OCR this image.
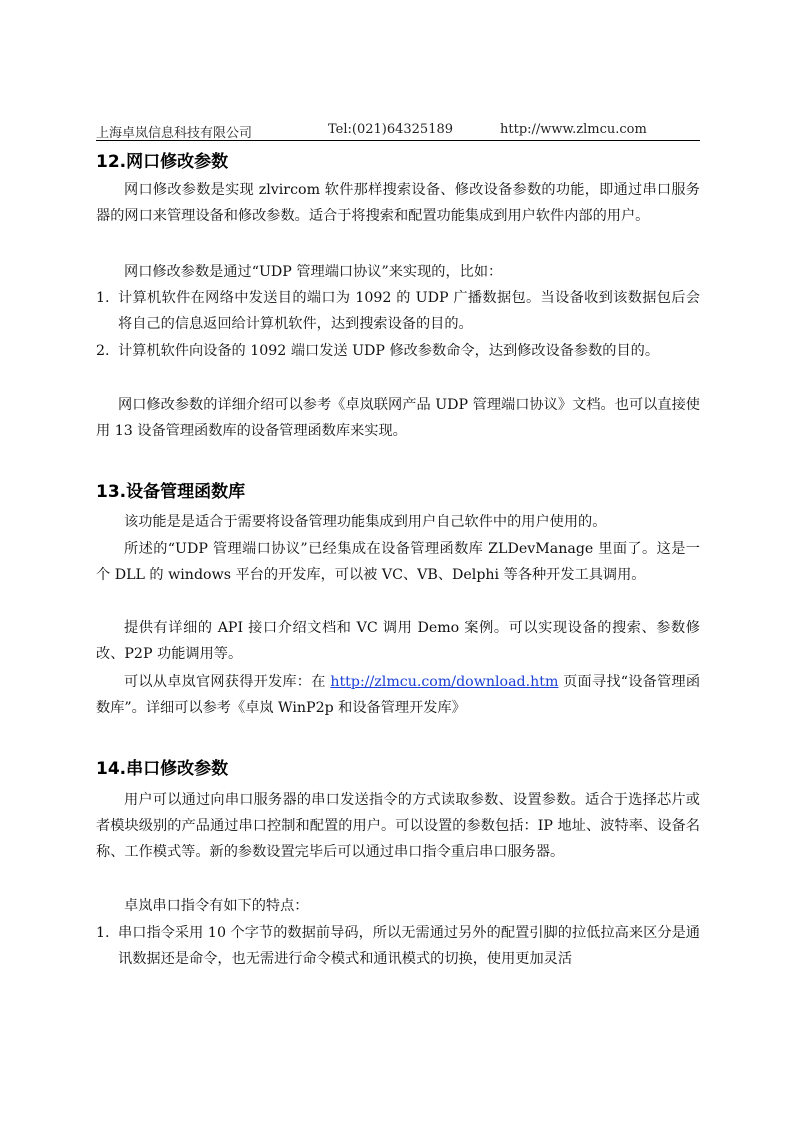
上海卓岚信息科技有限公司	Tel:(021)64325189	http://www.zlmcu.com
12.网口修改参数

网口修改参数是实现 zlvircom 软件那样搜索设备、修改设备参数的功能，即通过串口服务器的网口来管理设备和修改参数。适合于将搜索和配置功能集成到用户软件内部的用户。

网口修改参数是通过“UDP 管理端口协议”来实现的，比如：

1. 计算机软件在网络中发送目的端口为 1092 的 UDP 广播数据包。当设备收到该数据包后会将自己的信息返回给计算机软件，达到搜索设备的目的。
2. 计算机软件向设备的 1092 端口发送 UDP 修改参数命令，达到修改设备参数的目的。

网口修改参数的详细介绍可以参考《卓岚联网产品 UDP 管理端口协议》文档。也可以直接使用 13 设备管理函数库的设备管理函数库来实现。

13.设备管理函数库

该功能是是适合于需要将设备管理功能集成到用户自己软件中的用户使用的。

所述的“UDP 管理端口协议”已经集成在设备管理函数库 ZLDevManage 里面了。这是一个 DLL 的 windows 平台的开发库，可以被 VC、VB、Delphi 等各种开发工具调用。

提供有详细的 API 接口介绍文档和 VC 调用 Demo 案例。可以实现设备的搜索、参数修改、P2P 功能调用等。

可以从卓岚官网获得开发库：在 http://zlmcu.com/download.htm 页面寻找“设备管理函数库”。详细可以参考《卓岚 WinP2p 和设备管理开发库》

14.串口修改参数

用户可以通过向串口服务器的串口发送指令的方式读取参数、设置参数。适合于选择芯片或者模块级别的产品通过串口控制和配置的用户。可以设置的参数包括：IP 地址、波特率、设备名称、工作模式等。新的参数设置完毕后可以通过串口指令重启串口服务器。

卓岚串口指令有如下的特点：

1. 串口指令采用 10 个字节的数据前导码，所以无需通过另外的配置引脚的拉低拉高来区分是通讯数据还是命令，也无需进行命令模式和通讯模式的切换，使用更加灵活
